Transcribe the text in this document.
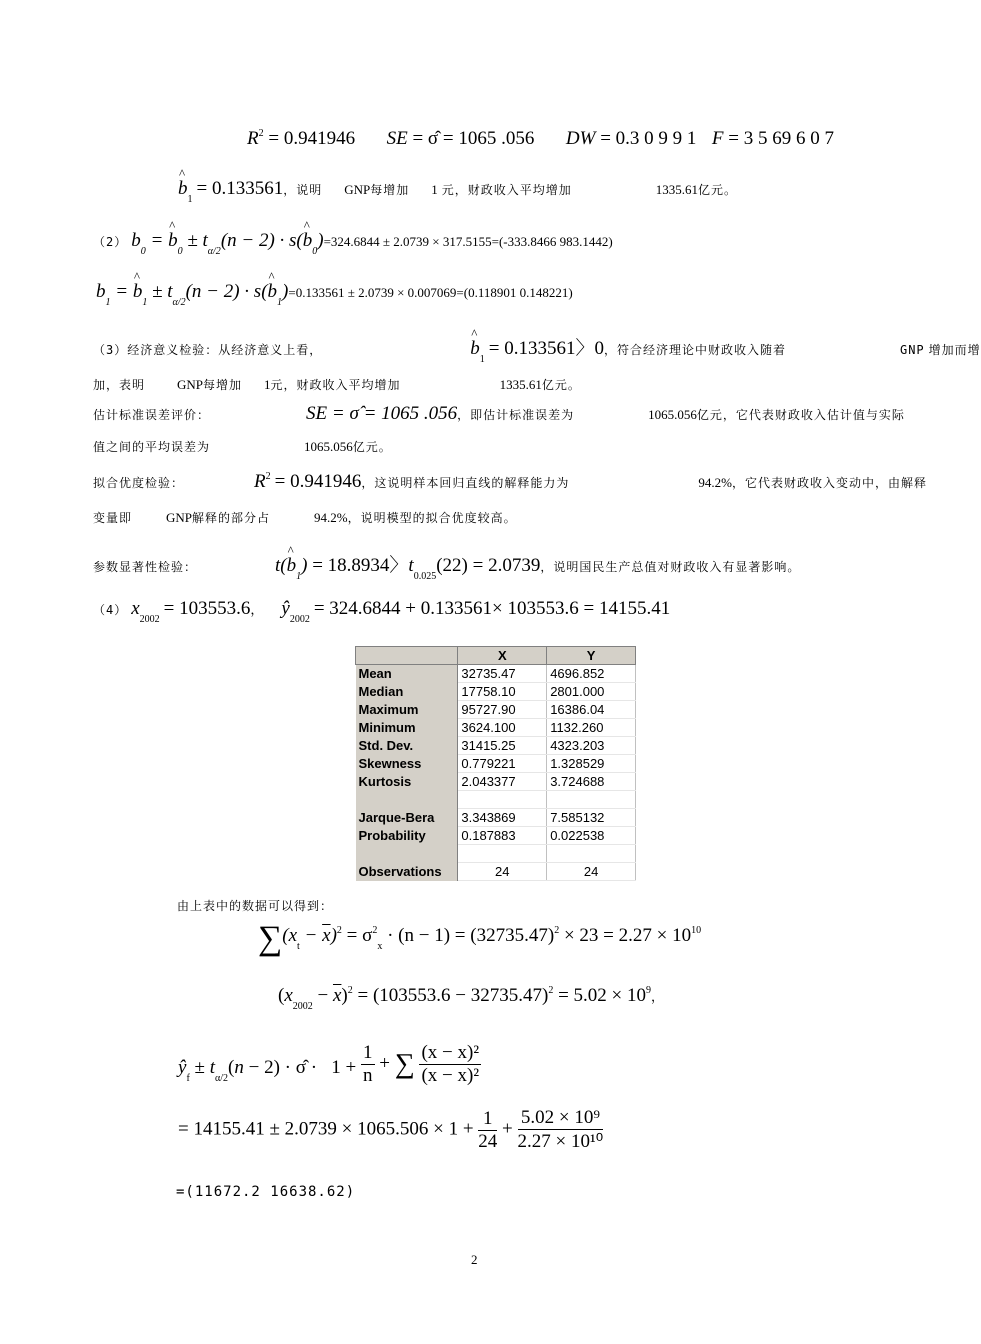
$R^2 = 0.941946$ SE = σ̂ = 1065 .056 DW = 0.3 0 9 9 1 F = 3 5 69 6 0 7
^ $b_1 = 0.133561$，说明 GNP每增加 1 元，财政收入平均增加	1335.61亿元。
（2） $b_0$ = ^ $b_0 \pm t_{\alpha/2}(n - 2)$ · s(^ $b_0)=324.6844 \pm 2.0739 \times 317.5155=(-333.8466$ 983.1442)
$b_1$ = ^ $b_1 \pm t_{\alpha/2}(n - 2)$ · s(^ $b_1)=0.133561 \pm 2.0739 \times 0.007069=(0.118901$ 0.148221)
（3）经济意义检验：从经济意义上看，	^ $b_1 = 0.133561$〉0，符合经济理论中财政收入随着	GNP 增加而增
加，表明 GNP每增加 1元，财政收入平均增加	1335.61亿元。
估计标准误差评价：	SE = σ̂ = 1065 .056，即估计标准误差为	1065.056亿元，它代表财政收入估计值与实际
值之间的平均误差为	1065.056亿元。
拟合优度检验：	$R^2 = 0.941946$，这说明样本回归直线的解释能力为	94.2%，它代表财政收入变动中，由解释
变量即	GNP解释的部分占	94.2%，说明模型的拟合优度较高。
参数显著性检验：	t(^ $b_1) = 18.8934$〉$t_{0.025}(22) = 2.0739$，说明国民生产总值对财政收入有显著影响。
（4） $x_{2002} = 103553.6$， $ŷ_{2002} = 324.6844 + 0.133561\times 103553.6 = 14155.41$
	X	Y
Mean	32735.47	4696.852
Median	17758.10	2801.000
Maximum	95727.90	16386.04
Minimum	3624.100	1132.260
Std. Dev.	31415.25	4323.203
Skewness	0.779221	1.328529
Kurtosis	2.043377	3.724688

Jarque-Bera	3.343869	7.585132
Probability	0.187883	0.022538

Observations	24	24
由上表中的数据可以得到：
$\sum(x_t - \overline{x})^2 = \sigma^2_x \cdot (n - 1) = (32735.47)^2 \times 23 = 2.27 \times 10^{10}$
$(x_{2002} - \overline{x})^2 = (103553.6 - 32735.47)^2 = 5.02 \times 10^9$，
$ŷ_f \pm t_{\alpha/2}(n - 2)$ · σ̂ ·   $1 + \frac{1}{n}$ + ∑ $\frac{\text{(x − x)²}}{\text{(x − x)²}}$
= $14155.41 \pm 2.0739 \times 1065.506 \times 1 + \frac{1}{24} + \frac{\text{5.02 × 10⁹}}{\text{2.27 × 10¹⁰}}$
=(11672.2 16638.62)
2
